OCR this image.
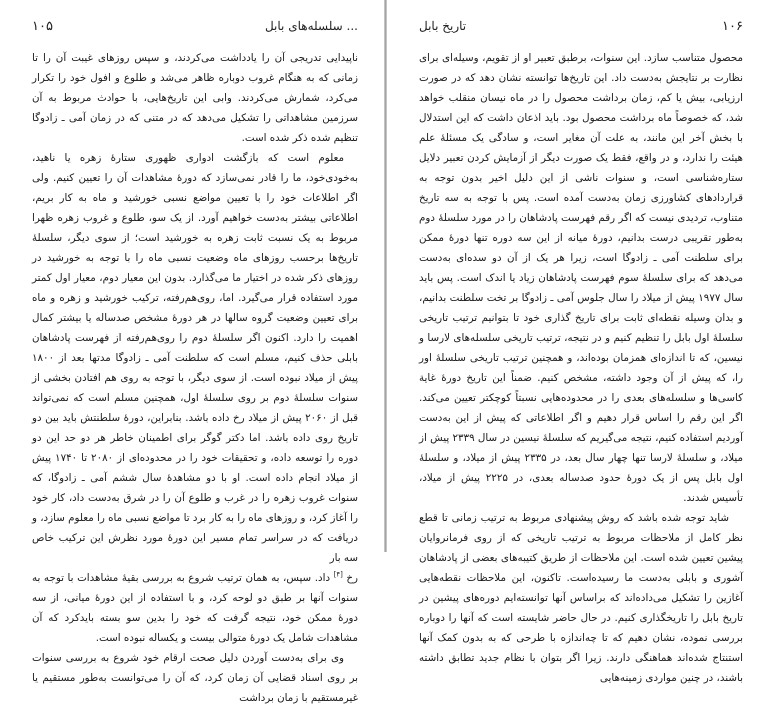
۱۰۵	سلسله‌های بابل ...

ناپیدایی تدریجی آن را یادداشت می‌کردند، و سپس روزهای غیبت آن را تا زمانی که به هنگام غروب دوباره ظاهر می‌شد و طلوع و افول خود را تکرار می‌کرد، شمارش می‌کردند. وابی این تاریخ‌هایی، با حوادث مربوط به آن سرزمین مشاهداتی را تشکیل می‌دهد که در متنی که در زمان آمی ـ زادوگا تنظیم شده ذکر شده است.

معلوم است که بازگشت ادواری ظهوری ستارهٔ زهره یا ناهید، به‌خودی‌خود، ما را قادر نمی‌سازد که دورهٔ مشاهدات آن را تعیین کنیم. ولی اگر اطلاعات خود را با تعیین مواضع نسبی خورشید و ماه به کار بریم، اطلاعاتی بیشتر به‌دست خواهیم آورد. از یک سو، طلوع و غروب زهره ظهرا مربوط به یک نسبت ثابت زهره به خورشید است؛ از سوی دیگر، سلسلهٔ تاریخ‌ها برحسب روزهای ماه وضعیت نسبی ماه را با توجه به خورشید در روزهای ذکر شده در اختیار ما می‌گذارد. بدون این معیار دوم، معیار اول کمتر مورد استفاده قرار می‌گیرد. اما، روی‌هم‌رفته، ترکیب خورشید و زهره و ماه برای تعیین وضعیت گروه سالها در هر دورهٔ مشخص صدساله یا بیشتر کمال اهمیت را دارد. اکنون اگر سلسلهٔ دوم را روی‌هم‌رفته از فهرست پادشاهان بابلی حذف کنیم، مسلم است که سلطنت آمی ـ زادوگا مدتها بعد از ۱۸۰۰ پیش از میلاد نبوده است. از سوی دیگر، با توجه به روی هم افتادن بخشی از سنوات سلسلهٔ دوم بر روی سلسلهٔ اول، همچنین مسلم است که نمی‌تواند قبل از ۲۰۶۰ پیش از میلاد رخ داده باشد. بنابراین، دورهٔ سلطنتش باید بین دو تاریخ روی داده باشد. اما دکتر گوگر برای اطمینان خاطر هر دو حد این دو دوره را توسعه داده، و تحقیقات خود را در محدوده‌ای از ۲۰۸۰ تا ۱۷۴۰ پیش از میلاد انجام داده است. او با دو مشاهدهٔ سال ششم آمی ـ زادوگا، که سنوات غروب زهره را در غرب و طلوع آن را در شرق به‌دست داد، کار خود را آغاز کرد، و روزهای ماه را به کار برد تا مواضع نسبی ماه را معلوم سازد، و دریافت که در سراسر تمام مسیر این دورهٔ مورد نظرش این ترکیب خاص سه بار

رخ [۴] داد. سپس، به همان ترتیب شروع به بررسی بقیهٔ مشاهدات با توجه به سنوات آنها بر طبق دو لوحه کرد، و با استفاده از این دورهٔ میانی، از سه دورهٔ ممکن خود، نتیجه گرفت که خود را بدین سو بسته بایدکرد که آن مشاهدات شامل یک دورهٔ متوالی بیست و یکساله نبوده است.

وی برای به‌دست آوردن دلیل صحت ارقام خود شروع به بررسی سنوات بر روی اسناد قضایی آن زمان کرد، که آن را می‌توانست به‌طور مستقیم یا غیرمستقیم با زمان برداشت

تاریخ بابل	۱۰۶

محصول متناسب سازد. این سنوات، برطبق تعبیر او از تقویم، وسیله‌ای برای نظارت بر نتایجش به‌دست داد. این تاریخ‌ها توانسته نشان دهد که در صورت ارزیابی، بیش یا کم، زمان برداشت محصول را در ماه نیسان منقلب خواهد شد، که خصوصاً ماه برداشت محصول بود. باید اذعان داشت که این استدلال با بخش آخر این مانند، به علت آن مغایر است، و سادگی یک مسئلهٔ علم هیئت را ندارد، و در واقع، فقط یک صورت دیگر از آزمایش کردن تعبیر دلایل ستاره‌شناسی است، و سنوات ناشی از این دلیل اخیر بدون توجه به قراردادهای کشاورزی زمان به‌دست آمده است. پس با توجه به سه تاریخ متناوب، تردیدی نیست که اگر رقم فهرست پادشاهان را در مورد سلسلهٔ دوم به‌طور تقریبی درست بدانیم، دورهٔ میانه از این سه دوره تنها دورهٔ ممکن برای سلطنت آمی ـ زادوگا است، زیرا هر یک از آن دو سده‌ای به‌دست می‌دهد که برای سلسلهٔ سوم فهرست پادشاهان زیاد یا اندک است. پس باید سال ۱۹۷۷ پیش از میلاد را سال جلوس آمی ـ زادوگا بر تخت سلطنت بدانیم، و بدان وسیله نقطه‌ای ثابت برای تاریخ گذاری خود تا بتوانیم ترتیب تاریخی سلسلهٔ اول بابل را تنظیم کنیم و در نتیجه، ترتیب تاریخی سلسله‌های لارسا و نیسین، که تا اندازه‌ای همزمان بوده‌اند، و همچنین ترتیب تاریخی سلسلهٔ اور را، که پیش از آن وجود داشته، مشخص کنیم. ضمناً این تاریخ دورهٔ غایة کاسی‌ها و سلسله‌های بعدی را در محدوده‌هایی نسبتاً کوچکتر تعیین می‌کند. اگر این رقم را اساس قرار دهیم و اگر اطلاعاتی که پیش از این به‌دست آوردیم استفاده کنیم، نتیجه می‌گیریم که سلسلهٔ نیسین در سال ۲۳۳۹ پیش از میلاد، و سلسلهٔ لارسا تنها چهار سال بعد، در ۲۳۳۵ پیش از میلاد، و سلسلهٔ اول بابل پس از یک دورهٔ حدود صدساله بعدی، در ۲۲۲۵ پیش از میلاد، تأسیس شدند.

شاید توجه شده باشد که روش پیشنهادی مربوط به ترتیب زمانی تا قطع نظر کامل از ملاحظات مربوط به ترتیب تاریخی که از روی فرمانروایان پیشین تعیین شده است. این ملاحظات از طریق کتیبه‌های بعضی از پادشاهان آشوری و بابلی به‌دست ما رسیده‌است. تاکنون، این ملاحظات نقطه‌هایی آغازین را تشکیل می‌داده‌اند که براساس آنها توانسته‌ایم دوره‌های پیشین در تاریخ بابل را تاریخگذاری کنیم. در حال حاضر شایسته است که آنها را دوباره بررسی نموده، نشان دهیم که تا چه‌اندازه با طرحی که به بدون کمک آنها استنتاج شده‌اند هماهنگی دارند. زیرا اگر بتوان با نظام جدید تطابق داشته باشند، در چنین مواردی زمینه‌هایی
